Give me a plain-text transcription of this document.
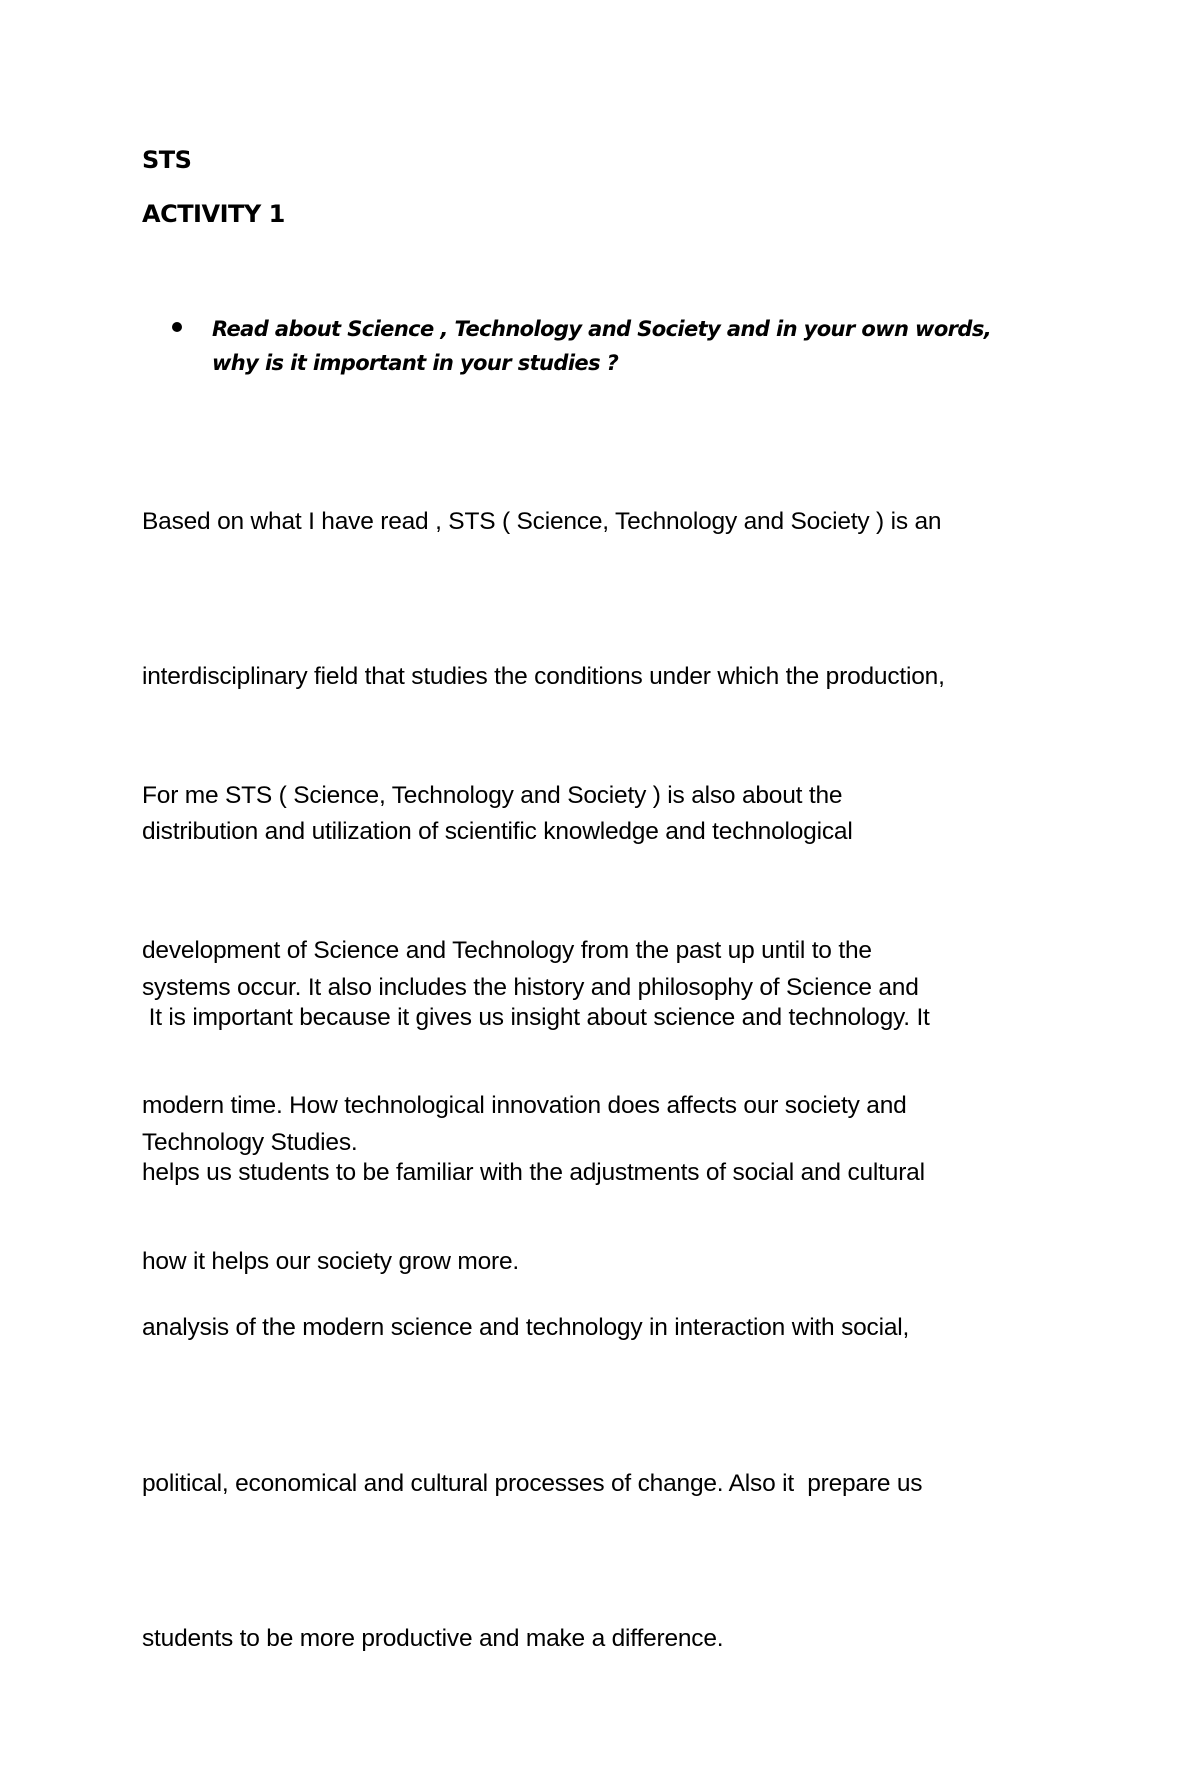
STS
ACTIVITY 1

Read about Science , Technology and Society and in your own words,
why is it important in your studies ?

Based on what I have read , STS ( Science, Technology and Society ) is an

interdisciplinary field that studies the conditions under which the production,

distribution and utilization of scientific knowledge and technological

systems occur. It also includes the history and philosophy of Science and

Technology Studies.

For me STS ( Science, Technology and Society ) is also about the

development of Science and Technology from the past up until to the

modern time. How technological innovation does affects our society and

how it helps our society grow more.

It is important because it gives us insight about science and technology. It

helps us students to be familiar with the adjustments of social and cultural

analysis of the modern science and technology in interaction with social,

political, economical and cultural processes of change. Also it  prepare us

students to be more productive and make a difference.
